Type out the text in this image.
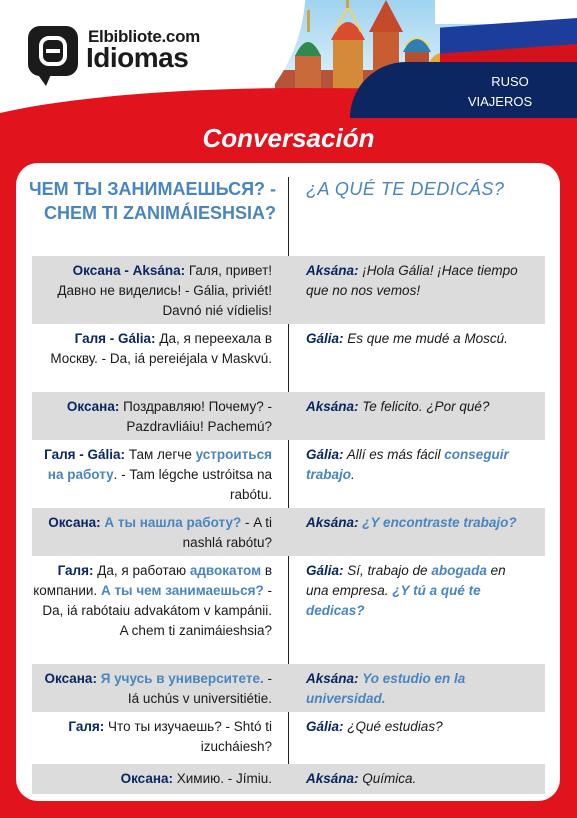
Elbibliote.com
Idiomas
RUSO
VIAJEROS
Conversación
ЧЕМ ТЫ ЗАНИМАЕШЬСЯ? - CHEM TI ZANIMÁIESHSIA?
¿A QUÉ TE DEDICÁS?
Оксана - Aksána: Галя, привет! Давно не виделись! - Gália, priviét! Davnó nié vídielis!
Aksána: ¡Hola Gália! ¡Hace tiempo que no nos vemos!
Галя - Gália: Да, я переехала в Москву. - Da, iá pereiéjala v Maskvú.
Gália: Es que me mudé a Moscú.
Оксана: Поздравляю! Почему? - Pazdravliáiu! Pachemú?
Aksána: Te felicito. ¿Por qué?
Галя - Gália: Там легче устроиться на работу. - Tam légche ustróitsa na rabótu.
Gália: Allí es más fácil conseguir trabajo.
Оксана: А ты нашла работу? - A ti nashlá rabótu?
Aksána: ¿Y encontraste trabajo?
Галя: Да, я работаю адвокатом в компании. А ты чем занимаешься? - Da, iá rabótaiu advakátom v kampánii. A chem ti zanimáieshsia?
Gália: Sí, trabajo de abogada en una empresa. ¿Y tú a qué te dedicas?
Оксана: Я учусь в университете. - Iá uchús v universitiétie.
Aksána: Yo estudio en la universidad.
Галя: Что ты изучаешь? - Shtó ti izucháiesh?
Gália: ¿Qué estudias?
Оксана: Химию. - Jímiu.	Aksána: Química.
